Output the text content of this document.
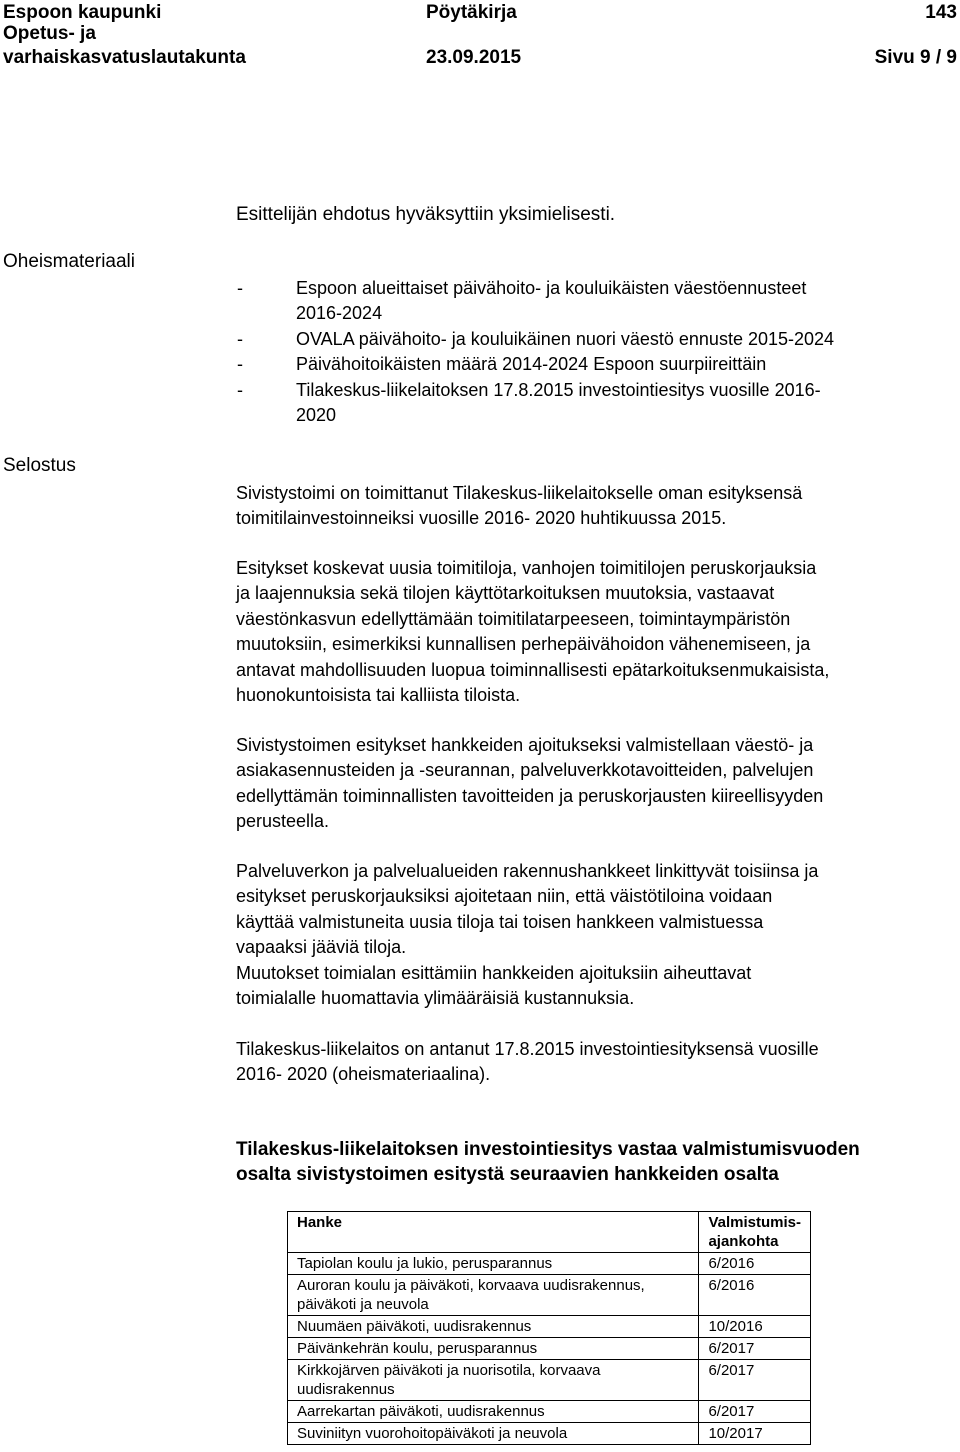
Espoon kaupunki	Pöytäkirja	143
Opetus- ja
varhaiskasvatuslautakunta	23.09.2015	Sivu 9 / 9
Esittelijän ehdotus hyväksyttiin yksimielisesti.
Oheismateriaali
-	Espoon alueittaiset päivähoito- ja kouluikäisten väestöennusteet
2016-2024
-	OVALA päivähoito- ja kouluikäinen nuori väestö ennuste 2015-2024
-	Päivähoitoikäisten määrä 2014-2024 Espoon suurpiireittäin
-	Tilakeskus-liikelaitoksen 17.8.2015 investointiesitys vuosille 2016-
2020
Selostus

Sivistystoimi on toimittanut Tilakeskus-liikelaitokselle oman esityksensä

toimitilainvestoinneiksi vuosille 2016- 2020 huhtikuussa 2015.

Esitykset koskevat uusia toimitiloja, vanhojen toimitilojen peruskorjauksia

ja laajennuksia sekä tilojen käyttötarkoituksen muutoksia, vastaavat

väestönkasvun edellyttämään toimitilatarpeeseen, toimintaympäristön

muutoksiin, esimerkiksi kunnallisen perhepäivähoidon vähenemiseen, ja

antavat mahdollisuuden luopua toiminnallisesti epätarkoituksenmukaisista,

huonokuntoisista tai kalliista tiloista.

Sivistystoimen esitykset hankkeiden ajoitukseksi valmistellaan väestö- ja

asiakasennusteiden ja -seurannan, palveluverkkotavoitteiden, palvelujen

edellyttämän toiminnallisten tavoitteiden ja peruskorjausten kiireellisyyden

perusteella.

Palveluverkon ja palvelualueiden rakennushankkeet linkittyvät toisiinsa ja

esitykset peruskorjauksiksi ajoitetaan niin, että väistötiloina voidaan

käyttää valmistuneita uusia tiloja tai toisen hankkeen valmistuessa

vapaaksi jääviä tiloja.

Muutokset toimialan esittämiin hankkeiden ajoituksiin aiheuttavat

toimialalle huomattavia ylimääräisiä kustannuksia.

Tilakeskus-liikelaitos on antanut 17.8.2015 investointiesityksensä vuosille

2016- 2020 (oheismateriaalina).

Tilakeskus-liikelaitoksen investointiesitys vastaa valmistumisvuoden
osalta sivistystoimen esitystä seuraavien hankkeiden osalta
Hanke	Valmistumis-
ajankohta
Tapiolan koulu ja lukio, perusparannus	6/2016
Auroran koulu ja päiväkoti, korvaava uudisrakennus, päiväkoti ja neuvola	6/2016
Nuumäen päiväkoti, uudisrakennus	10/2016
Päivänkehrän koulu, perusparannus	6/2017
Kirkkojärven päiväkoti ja nuorisotila, korvaava uudisrakennus	6/2017
Aarrekartan päiväkoti, uudisrakennus	6/2017
Suviniityn vuorohoitopäiväkoti ja neuvola	10/2017
